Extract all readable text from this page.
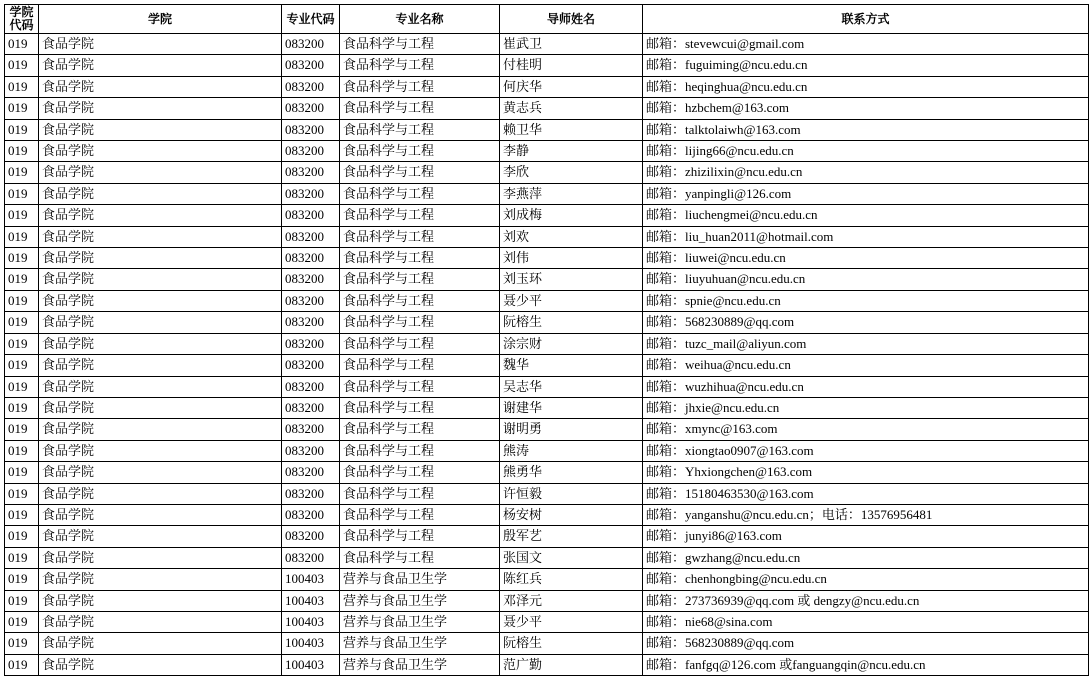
学院代码	学院	专业代码	专业名称	导师姓名	联系方式
019	食品学院	083200	食品科学与工程	崔武卫	邮箱：stevewcui@gmail.com
019	食品学院	083200	食品科学与工程	付桂明	邮箱：fuguiming@ncu.edu.cn
019	食品学院	083200	食品科学与工程	何庆华	邮箱：heqinghua@ncu.edu.cn
019	食品学院	083200	食品科学与工程	黄志兵	邮箱：hzbchem@163.com
019	食品学院	083200	食品科学与工程	赖卫华	邮箱：talktolaiwh@163.com
019	食品学院	083200	食品科学与工程	李静	邮箱：lijing66@ncu.edu.cn
019	食品学院	083200	食品科学与工程	李欣	邮箱：zhizilixin@ncu.edu.cn
019	食品学院	083200	食品科学与工程	李燕萍	邮箱：yanpingli@126.com
019	食品学院	083200	食品科学与工程	刘成梅	邮箱：liuchengmei@ncu.edu.cn
019	食品学院	083200	食品科学与工程	刘欢	邮箱：liu_huan2011@hotmail.com
019	食品学院	083200	食品科学与工程	刘伟	邮箱：liuwei@ncu.edu.cn
019	食品学院	083200	食品科学与工程	刘玉环	邮箱：liuyuhuan@ncu.edu.cn
019	食品学院	083200	食品科学与工程	聂少平	邮箱：spnie@ncu.edu.cn
019	食品学院	083200	食品科学与工程	阮榕生	邮箱：568230889@qq.com
019	食品学院	083200	食品科学与工程	涂宗财	邮箱：tuzc_mail@aliyun.com
019	食品学院	083200	食品科学与工程	魏华	邮箱：weihua@ncu.edu.cn
019	食品学院	083200	食品科学与工程	吴志华	邮箱：wuzhihua@ncu.edu.cn
019	食品学院	083200	食品科学与工程	谢建华	邮箱：jhxie@ncu.edu.cn
019	食品学院	083200	食品科学与工程	谢明勇	邮箱：xmync@163.com
019	食品学院	083200	食品科学与工程	熊涛	邮箱：xiongtao0907@163.com
019	食品学院	083200	食品科学与工程	熊勇华	邮箱：Yhxiongchen@163.com
019	食品学院	083200	食品科学与工程	许恒毅	邮箱：15180463530@163.com
019	食品学院	083200	食品科学与工程	杨安树	邮箱：yanganshu@ncu.edu.cn；电话：13576956481
019	食品学院	083200	食品科学与工程	殷军艺	邮箱：junyi86@163.com
019	食品学院	083200	食品科学与工程	张国文	邮箱：gwzhang@ncu.edu.cn
019	食品学院	100403	营养与食品卫生学	陈红兵	邮箱：chenhongbing@ncu.edu.cn
019	食品学院	100403	营养与食品卫生学	邓泽元	邮箱：273736939@qq.com 或 dengzy@ncu.edu.cn
019	食品学院	100403	营养与食品卫生学	聂少平	邮箱：nie68@sina.com
019	食品学院	100403	营养与食品卫生学	阮榕生	邮箱：568230889@qq.com
019	食品学院	100403	营养与食品卫生学	范广勤	邮箱：fanfgq@126.com 或fanguangqin@ncu.edu.cn
